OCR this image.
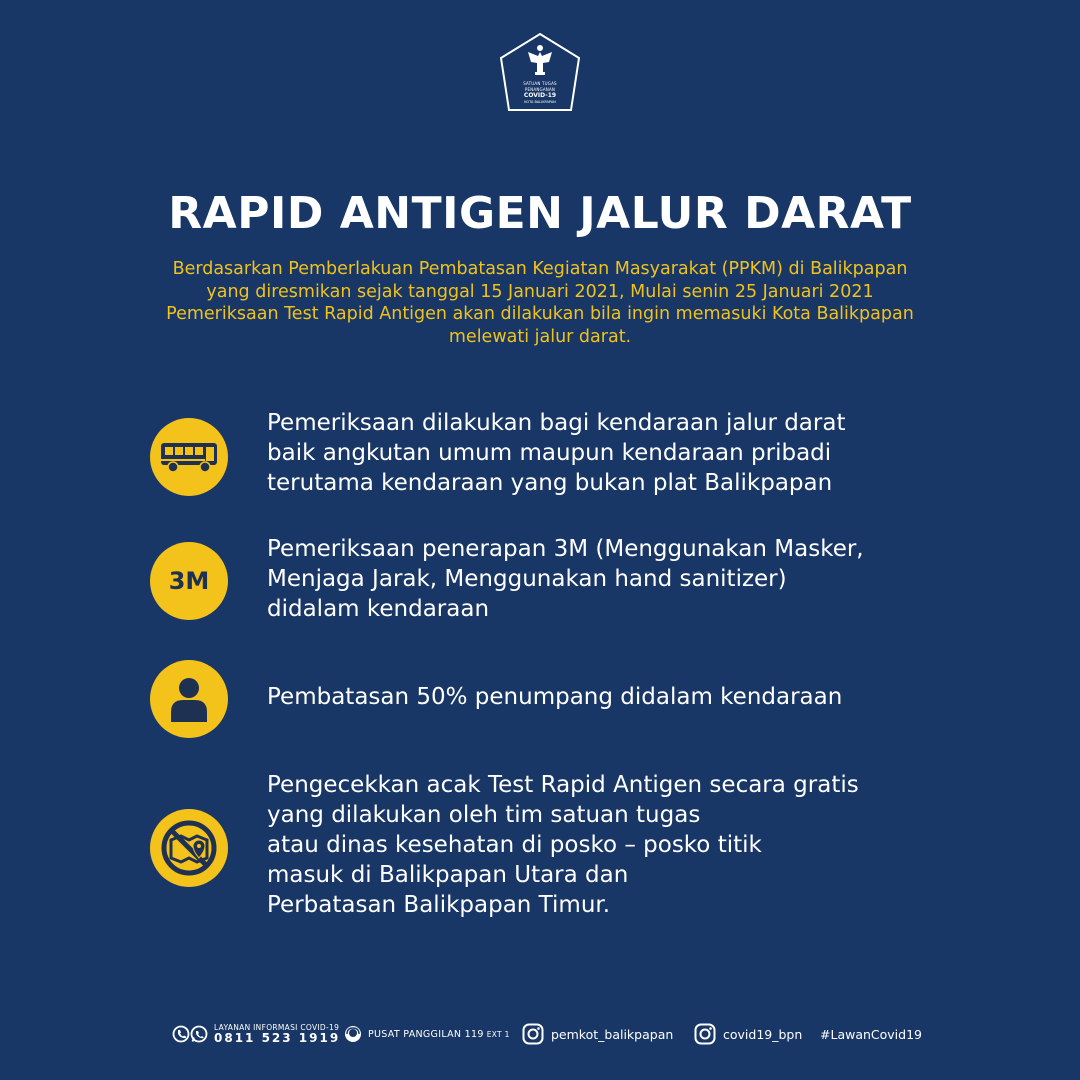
SATUAN TUGAS
PENANGANAN
COVID-19
KOTA BALIKPAPAN
RAPID ANTIGEN JALUR DARAT
Berdasarkan Pemberlakuan Pembatasan Kegiatan Masyarakat (PPKM) di Balikpapan
yang diresmikan sejak tanggal 15 Januari 2021, Mulai senin 25 Januari 2021
Pemeriksaan Test Rapid Antigen akan dilakukan bila ingin memasuki Kota Balikpapan
melewati jalur darat.
Pemeriksaan dilakukan bagi kendaraan jalur darat
baik angkutan umum maupun kendaraan pribadi
terutama kendaraan yang bukan plat Balikpapan
3M
Pemeriksaan penerapan 3M (Menggunakan Masker,
Menjaga Jarak, Menggunakan hand sanitizer)
didalam kendaraan
Pembatasan 50% penumpang didalam kendaraan
Pengecekkan acak Test Rapid Antigen secara gratis
yang dilakukan oleh tim satuan tugas
atau dinas kesehatan di posko – posko titik
masuk di Balikpapan Utara dan
Perbatasan Balikpapan Timur.
LAYANAN INFORMASI COVID-19
0811 523 1919	PUSAT PANGGILAN 119 EXT 1	pemkot_balikpapan	covid19_bpn #LawanCovid19
